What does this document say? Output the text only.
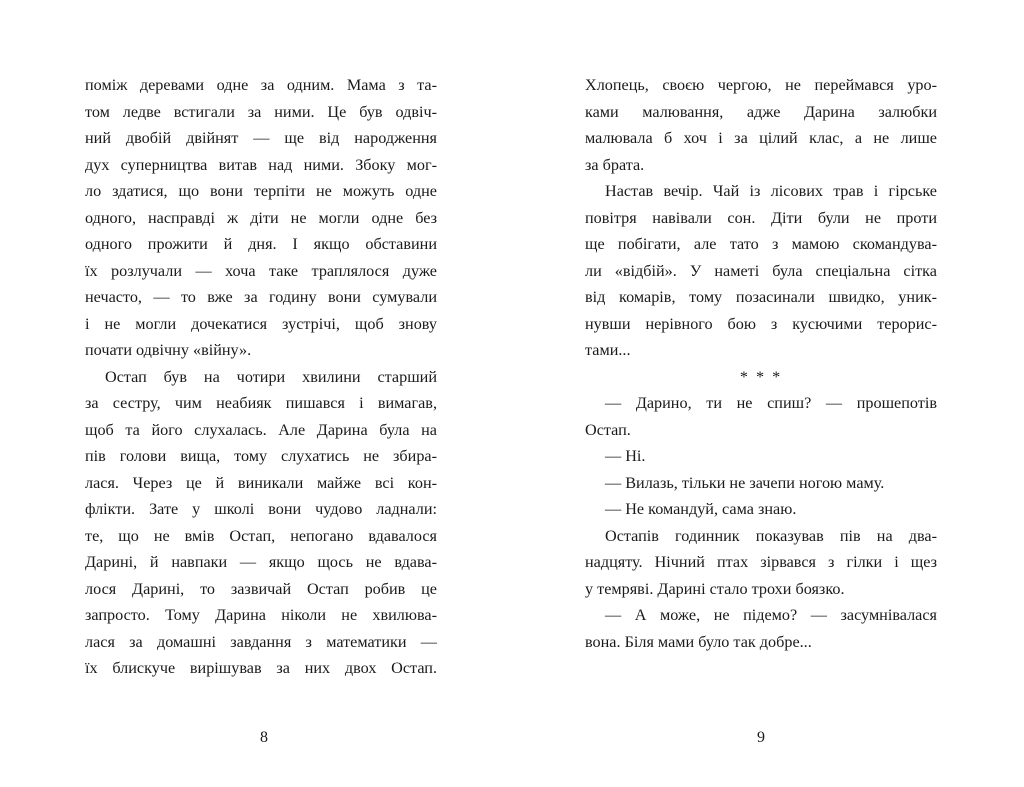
поміж деревами одне за одним. Мама з та-
том ледве встигали за ними. Це був одвіч-
ний двобій двійнят — ще від народження
дух суперництва витав над ними. Збоку мог-
ло здатися, що вони терпіти не можуть одне
одного, насправді ж діти не могли одне без
одного прожити й дня. І якщо обставини
їх розлучали — хоча таке траплялося дуже
нечасто, — то вже за годину вони сумували
і не могли дочекатися зустрічі, щоб знову
почати одвічну «війну».
Остап був на чотири хвилини старший
за сестру, чим неабияк пишався і вимагав,
щоб та його слухалась. Але Дарина була на
пів голови вища, тому слухатись не збира-
лася. Через це й виникали майже всі кон-
флікти. Зате у школі вони чудово ладнали:
те, що не вмів Остап, непогано вдавалося
Дарині, й навпаки — якщо щось не вдава-
лося Дарині, то зазвичай Остап робив це
запросто. Тому Дарина ніколи не хвилюва-
лася за домашні завдання з математики —
їх блискуче вирішував за них двох Остап.
Хлопець, своєю чергою, не переймався уро-
ками малювання, адже Дарина залюбки
малювала б хоч і за цілий клас, а не лише
за брата.
Настав вечір. Чай із лісових трав і гірське
повітря навівали сон. Діти були не проти
ще побігати, але тато з мамою скомандува-
ли «відбій». У наметі була спеціальна сітка
від комарів, тому позасинали швидко, уник-
нувши нерівного бою з кусючими терорис-
тами...
* * *
— Дарино, ти не спиш? — прошепотів
Остап.
— Ні.
— Вилазь, тільки не зачепи ногою маму.
— Не командуй, сама знаю.
Остапів годинник показував пів на два-
надцяту. Нічний птах зірвався з гілки і щез
у темряві. Дарині стало трохи боязко.
— А може, не підемо? — засумнівалася
вона. Біля мами було так добре...
8	9
